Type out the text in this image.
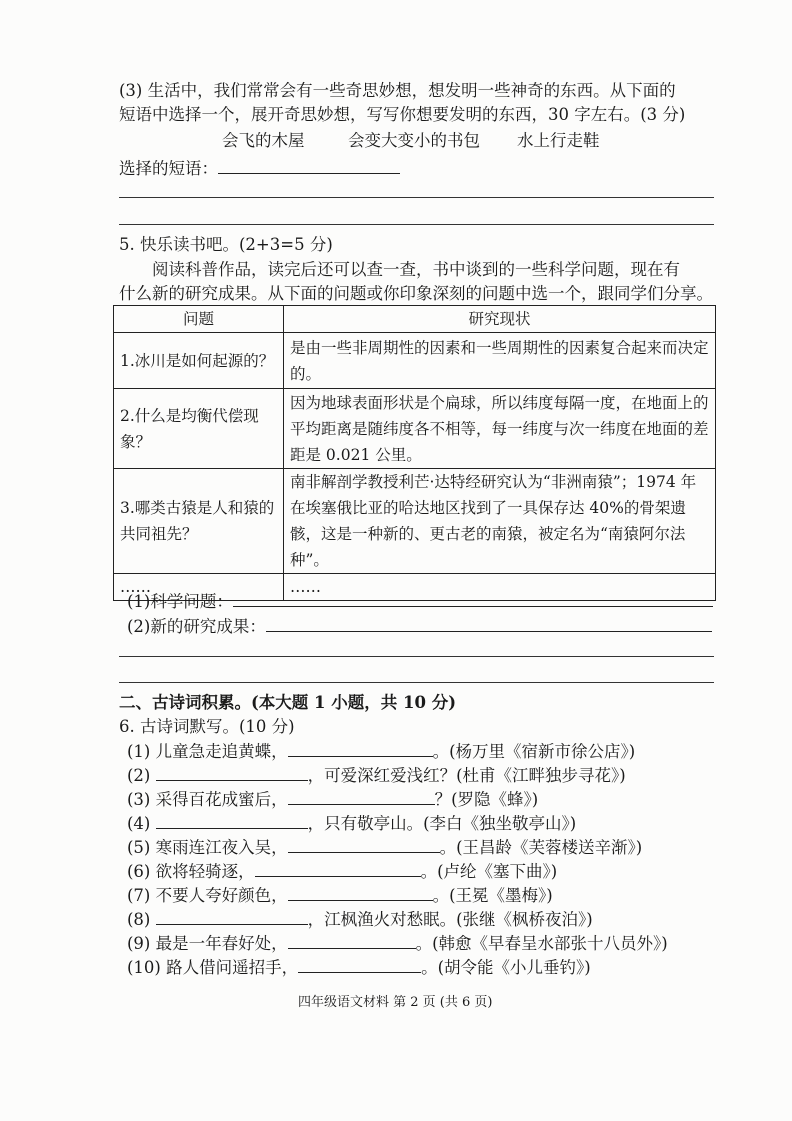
(3) 生活中，我们常常会有一些奇思妙想，想发明一些神奇的东西。从下面的
短语中选择一个，展开奇思妙想，写写你想要发明的东西，30 字左右。(3 分)
会飞的木屋	会变大变小的书包 水上行走鞋
选择的短语：
5. 快乐读书吧。(2+3=5 分)
阅读科普作品，读完后还可以查一查，书中谈到的一些科学问题，现在有
什么新的研究成果。从下面的问题或你印象深刻的问题中选一个，跟同学们分享。
问题	研究现状
1.冰川是如何起源的？	是由一些非周期性的因素和一些周期性的因素复合起来而决定的。
2.什么是均衡代偿现象？	因为地球表面形状是个扁球，所以纬度每隔一度，在地面上的平均距离是随纬度各不相等，每一纬度与次一纬度在地面的差距是 0.021 公里。
3.哪类古猿是人和猿的共同祖先？	南非解剖学教授利芒·达特经研究认为“非洲南猿”；1974 年在埃塞俄比亚的哈达地区找到了一具保存达 40%的骨架遗骸，这是一种新的、更古老的南猿，被定名为“南猿阿尔法种”。
……	……
(1)科学问题：
(2)新的研究成果：
二、古诗词积累。(本大题 1 小题，共 10 分)
6. 古诗词默写。(10 分)
(1) 儿童急走追黄蝶，	。(杨万里《宿新市徐公店》)
(2)	，可爱深红爱浅红？(杜甫《江畔独步寻花》)
(3) 采得百花成蜜后，	？(罗隐《蜂》)
(4)	，只有敬亭山。(李白《独坐敬亭山》)
(5) 寒雨连江夜入吴，	。(王昌龄《芙蓉楼送辛渐》)
(6) 欲将轻骑逐，	。(卢纶《塞下曲》)
(7) 不要人夸好颜色，	。(王冕《墨梅》)
(8)	，江枫渔火对愁眠。(张继《枫桥夜泊》)
(9) 最是一年春好处，	。(韩愈《早春呈水部张十八员外》)
(10) 路人借问遥招手，	。(胡令能《小儿垂钓》)
四年级语文材料 第 2 页 (共 6 页)
